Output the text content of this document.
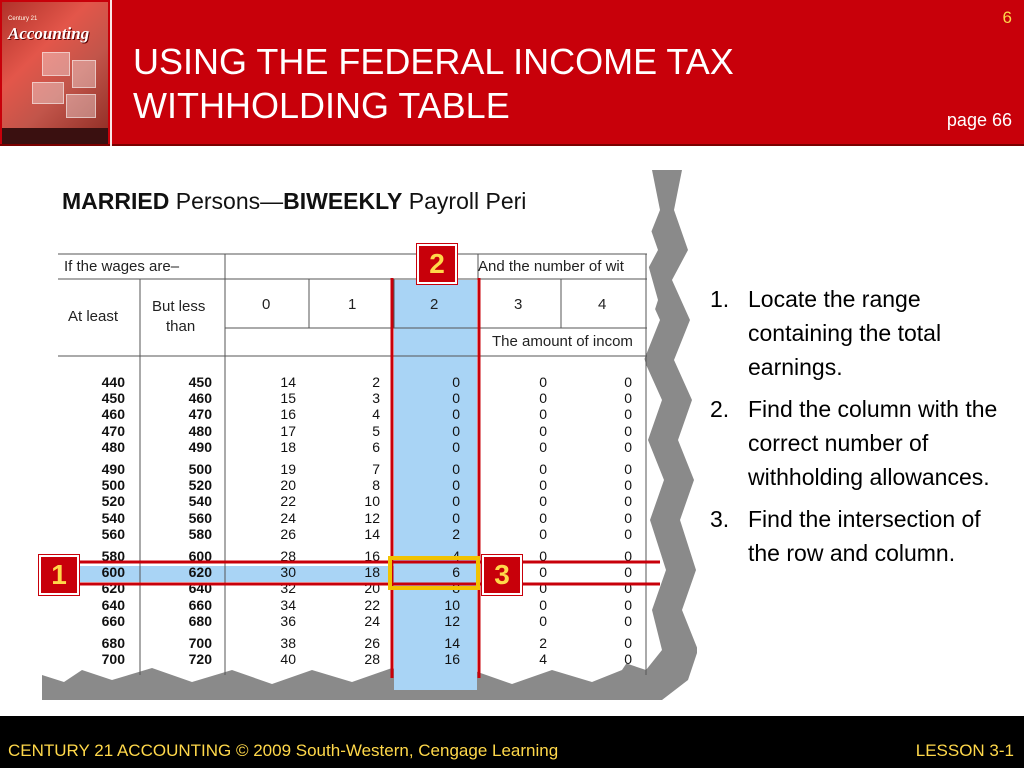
Century 21
Accounting
USING THE FEDERAL INCOME TAX
WITHHOLDING TABLE
6
page 66
MARRIED Persons—BIWEEKLY Payroll Peri
If the wages are–	And the number of wit
At least
But less
than
The amount of incom
0	1	2	3	4
440	450	14	2	0	0	0
450	460	15	3	0	0	0
460	470	16	4	0	0	0
470	480	17	5	0	0	0
480	490	18	6	0	0	0
490	500	19	7	0	0	0
500	520	20	8	0	0	0
520	540	22	10	0	0	0
540	560	24	12	0	0	0
560	580	26	14	2	0	0
580	600	28	16	4	0	0
600	620	30	18	6	0	0
620	640	32	20	8	0	0
640	660	34	22	10	0	0
660	680	36	24	12	0	0
680	700	38	26	14	2	0
700	720	40	28	16	4	0
1
2
3
1. Locate the range containing the total earnings.
2. Find the column with the correct number of withholding allowances.
3. Find the intersection of the row and column.
CENTURY 21 ACCOUNTING © 2009 South-Western, Cengage Learning	LESSON 3-1
